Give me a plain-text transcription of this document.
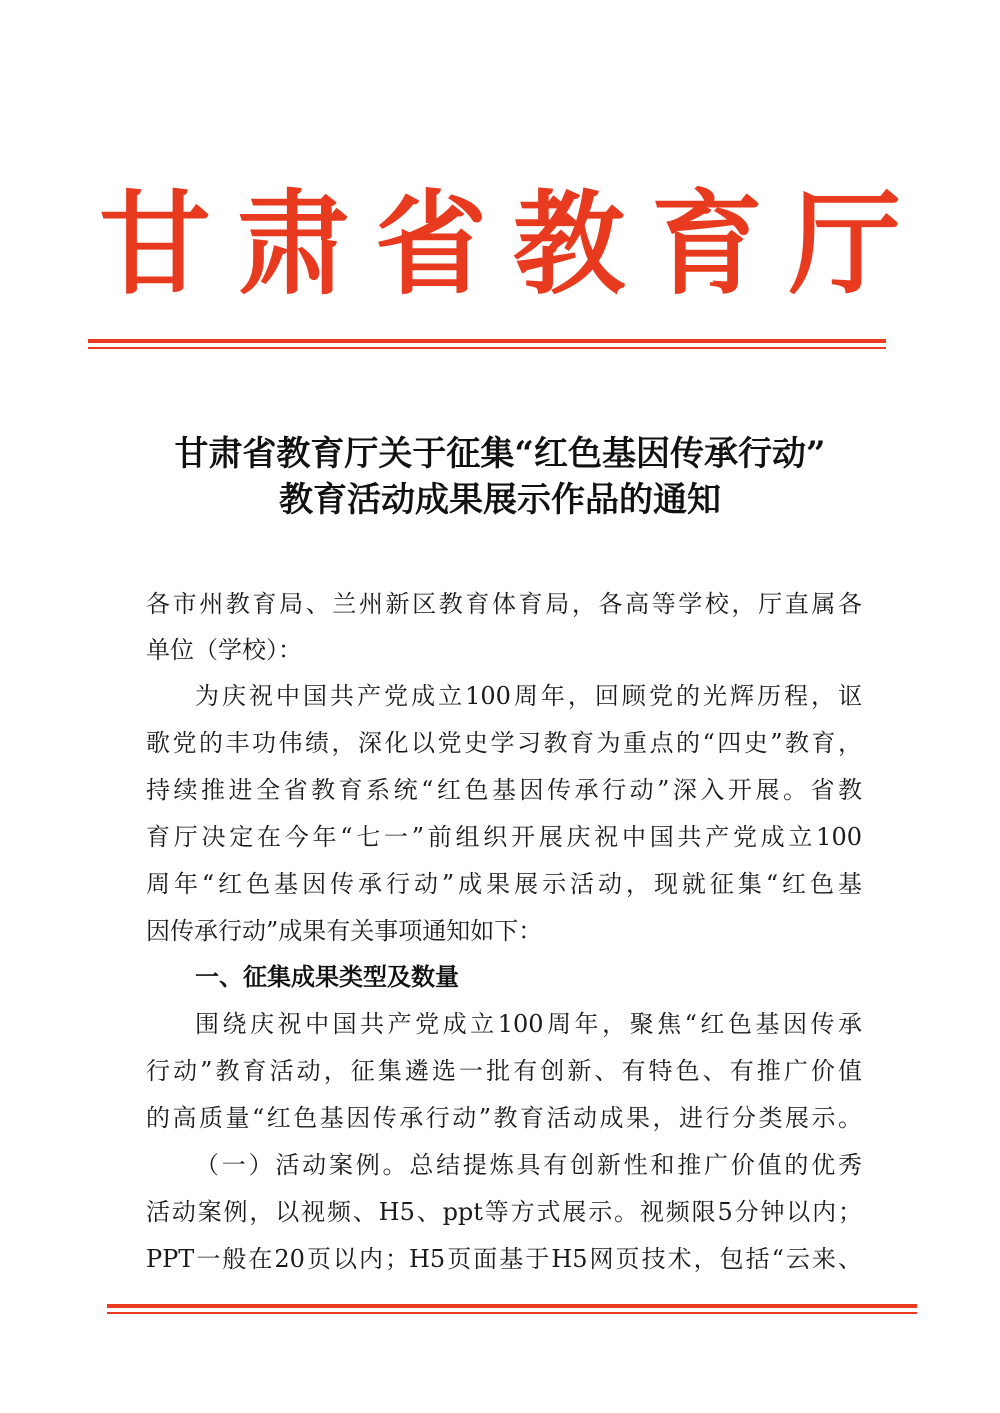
甘肃省教育厅
甘肃省教育厅关于征集“红色基因传承行动”
教育活动成果展示作品的通知
各市州教育局、兰州新区教育体育局，各高等学校，厅直属各
单位（学校）：
为庆祝中国共产党成立100周年，回顾党的光辉历程，讴
歌党的丰功伟绩，深化以党史学习教育为重点的“四史”教育，
持续推进全省教育系统“红色基因传承行动”深入开展。省教
育厅决定在今年“七一”前组织开展庆祝中国共产党成立100
周年“红色基因传承行动”成果展示活动，现就征集“红色基
因传承行动”成果有关事项通知如下：
一、征集成果类型及数量
围绕庆祝中国共产党成立100周年，聚焦“红色基因传承
行动”教育活动，征集遴选一批有创新、有特色、有推广价值
的高质量“红色基因传承行动”教育活动成果，进行分类展示。
（一）活动案例。总结提炼具有创新性和推广价值的优秀
活动案例，以视频、H5、ppt等方式展示。视频限5分钟以内；
PPT一般在20页以内；H5页面基于H5网页技术，包括“云来、
